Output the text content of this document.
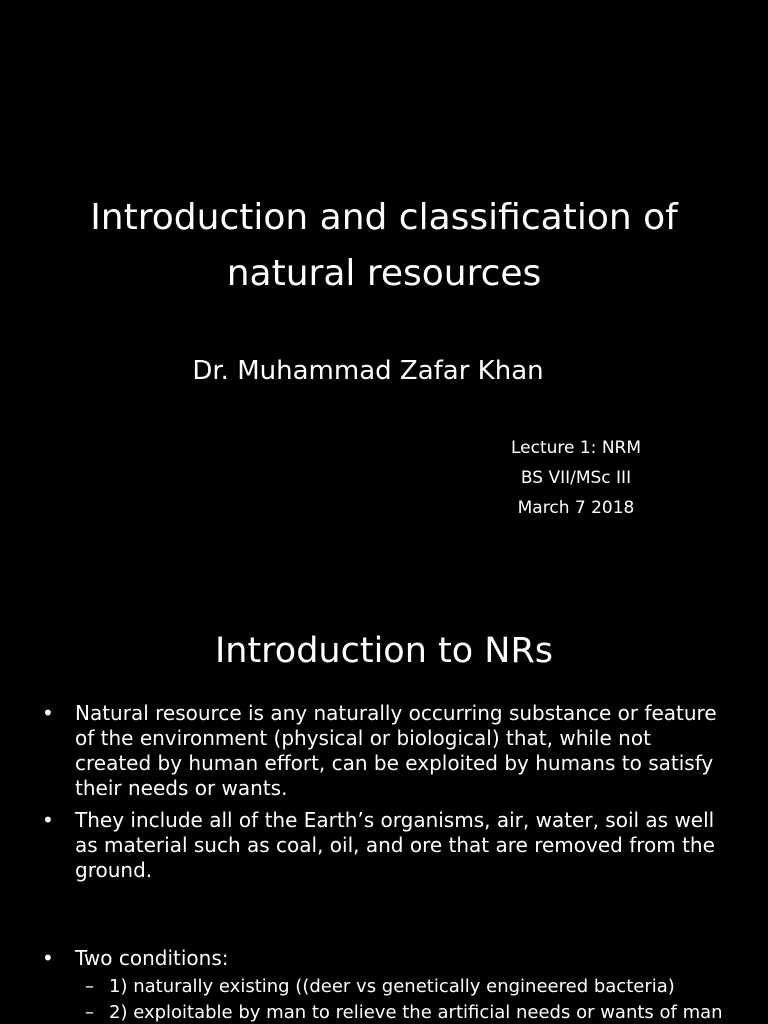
Introduction and classification of
natural resources
Dr. Muhammad Zafar Khan
Lecture 1: NRM
BS VII/MSc III
March 7 2018
Introduction to NRs
• Natural resource is any naturally occurring substance or feature of the environment (physical or biological) that, while not created by human effort, can be exploited by humans to satisfy their needs or wants.
• They include all of the Earth’s organisms, air, water, soil as well as material such as coal, oil, and ore that are removed from the ground.
• Two conditions:
– 1) naturally existing ((deer vs genetically engineered bacteria)
– 2) exploitable by man to relieve the artificial needs or wants of man
